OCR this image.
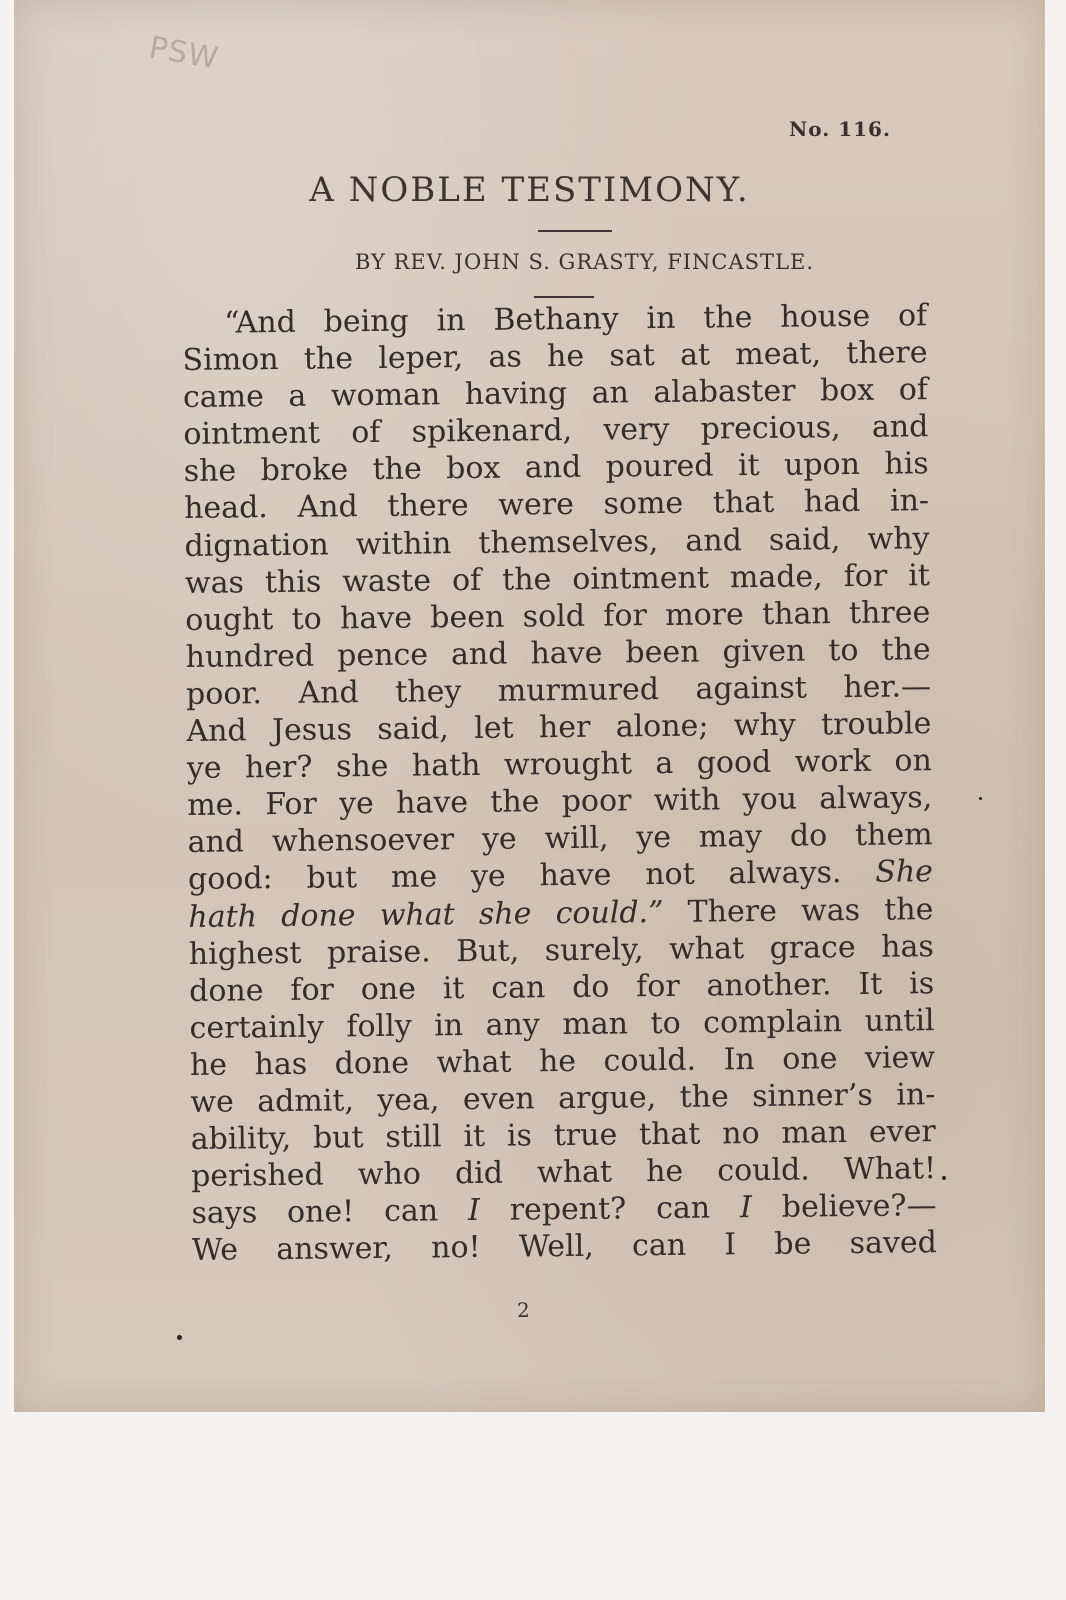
PSW
No. 116.
A NOBLE TESTIMONY.
BY REV. JOHN S. GRASTY, FINCASTLE.
“And being in Bethany in the house of
Simon the leper, as he sat at meat, there
came a woman having an alabaster box of
ointment of spikenard, very precious, and
she broke the box and poured it upon his
head. And there were some that had in-
dignation within themselves, and said, why
was this waste of the ointment made, for it
ought to have been sold for more than three
hundred pence and have been given to the
poor. And they murmured against her.—
And Jesus said, let her alone; why trouble
ye her? she hath wrought a good work on
me. For ye have the poor with you always,
and whensoever ye will, ye may do them
good: but me ye have not always. She
hath done what she could.” There was the
highest praise. But, surely, what grace has
done for one it can do for another. It is
certainly folly in any man to complain until
he has done what he could. In one view
we admit, yea, even argue, the sinner’s in-
ability, but still it is true that no man ever
perished who did what he could. What!
says one! can I repent? can I believe?—
We answer, no! Well, can I be saved
2
